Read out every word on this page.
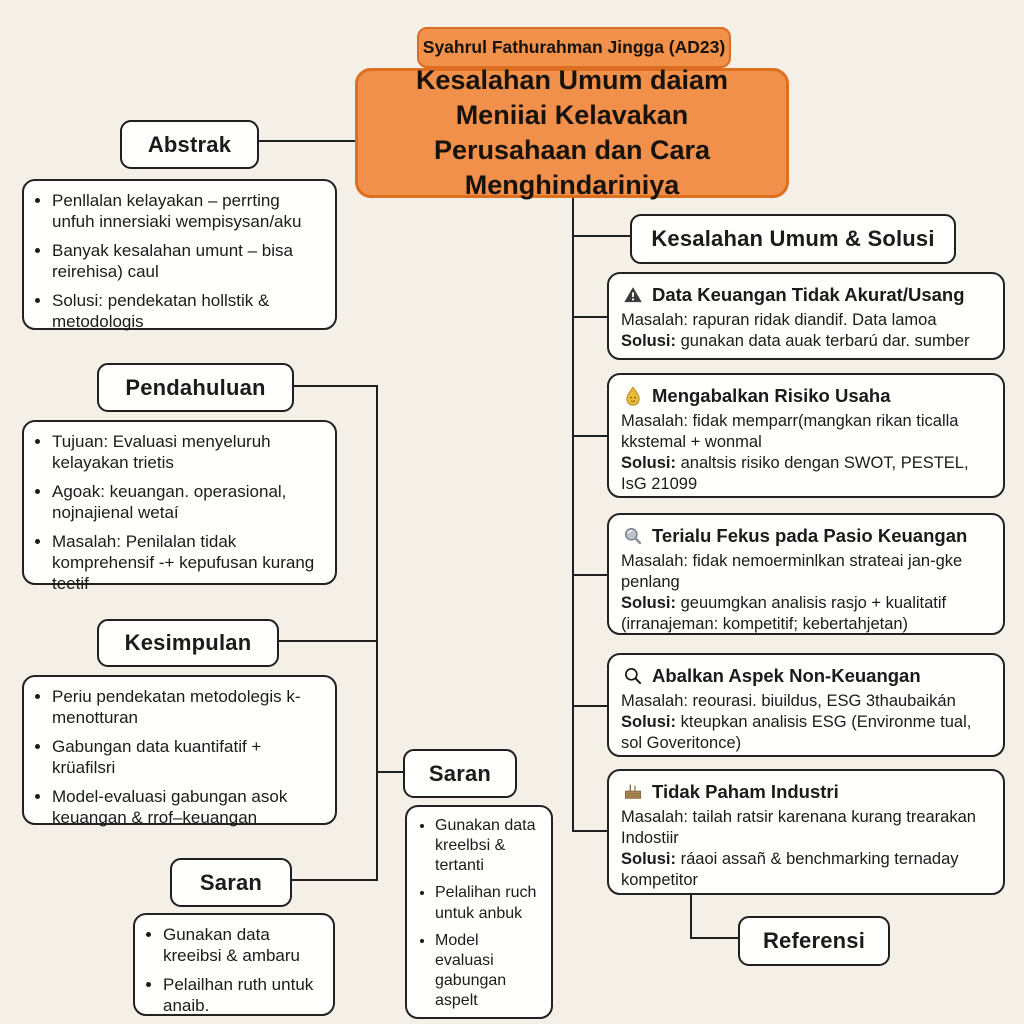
Syahrul Fathurahman Jingga (AD23)
Kesalahan Umum daiam Meniiai Kelavakan Perusahaan dan Cara Menghindariniya
Abstrak
• Penllalan kelayakan – perrting unfuh innersiaki wempisysan/aku
• Banyak kesalahan umunt – bisa reirehisa) caul
• Solusi: pendekatan hollstik & metodologis
Pendahuluan
• Tujuan: Evaluasi menyeluruh kelayakan trietis
• Agoak: keuangan. operasional, nojnajienal wetaí
• Masalah: Penilalan tidak komprehensif -+ kepufusan kurang teetif
Kesimpulan
• Periu pendekatan metodolegis k-menotturan
• Gabungan data kuantifatif + krüafilsri
• Model-evaluasi gabungan asok keuangan & rrof–keuangan
Saran
• Gunakan data kreeibsi & ambaru
• Pelailhan ruth untuk anaib.
Saran
• Gunakan data kreelbsi & tertanti
• Pelalihan ruch untuk anbuk
• Model evaluasi gabungan aspelt
Kesalahan Umum & Solusi
Data Keuangan Tidak Akurat/Usang
Masalah: rapuran ridak diandif. Data lamoa
Solusi: gunakan data auak terbarú dar. sumber
Mengabalkan Risiko Usaha
Masalah: fidak memparr(mangkan rikan ticalla kkstemal + wonmal
Solusi: analtsis risiko dengan SWOT, PESTEL, IsG 21099
Terialu Fekus pada Pasio Keuangan
Masalah: fidak nemoerminlkan strateai jan-gke penlang
Solusi: geuumgkan analisis rasjo + kualitatif (irranajeman: kompetitif; kebertahjetan)
Abalkan Aspek Non-Keuangan
Masalah: reourasi. biuildus, ESG 3thaubaikán
Solusi: kteupkan analisis ESG (Environme tual, sol Goveritonce)
Tidak Paham Industri
Masalah: tailah ratsir karenana kurang trearakan Indostiir
Solusi: ráaoi assañ & benchmarking ternaday kompetitor
Referensi
